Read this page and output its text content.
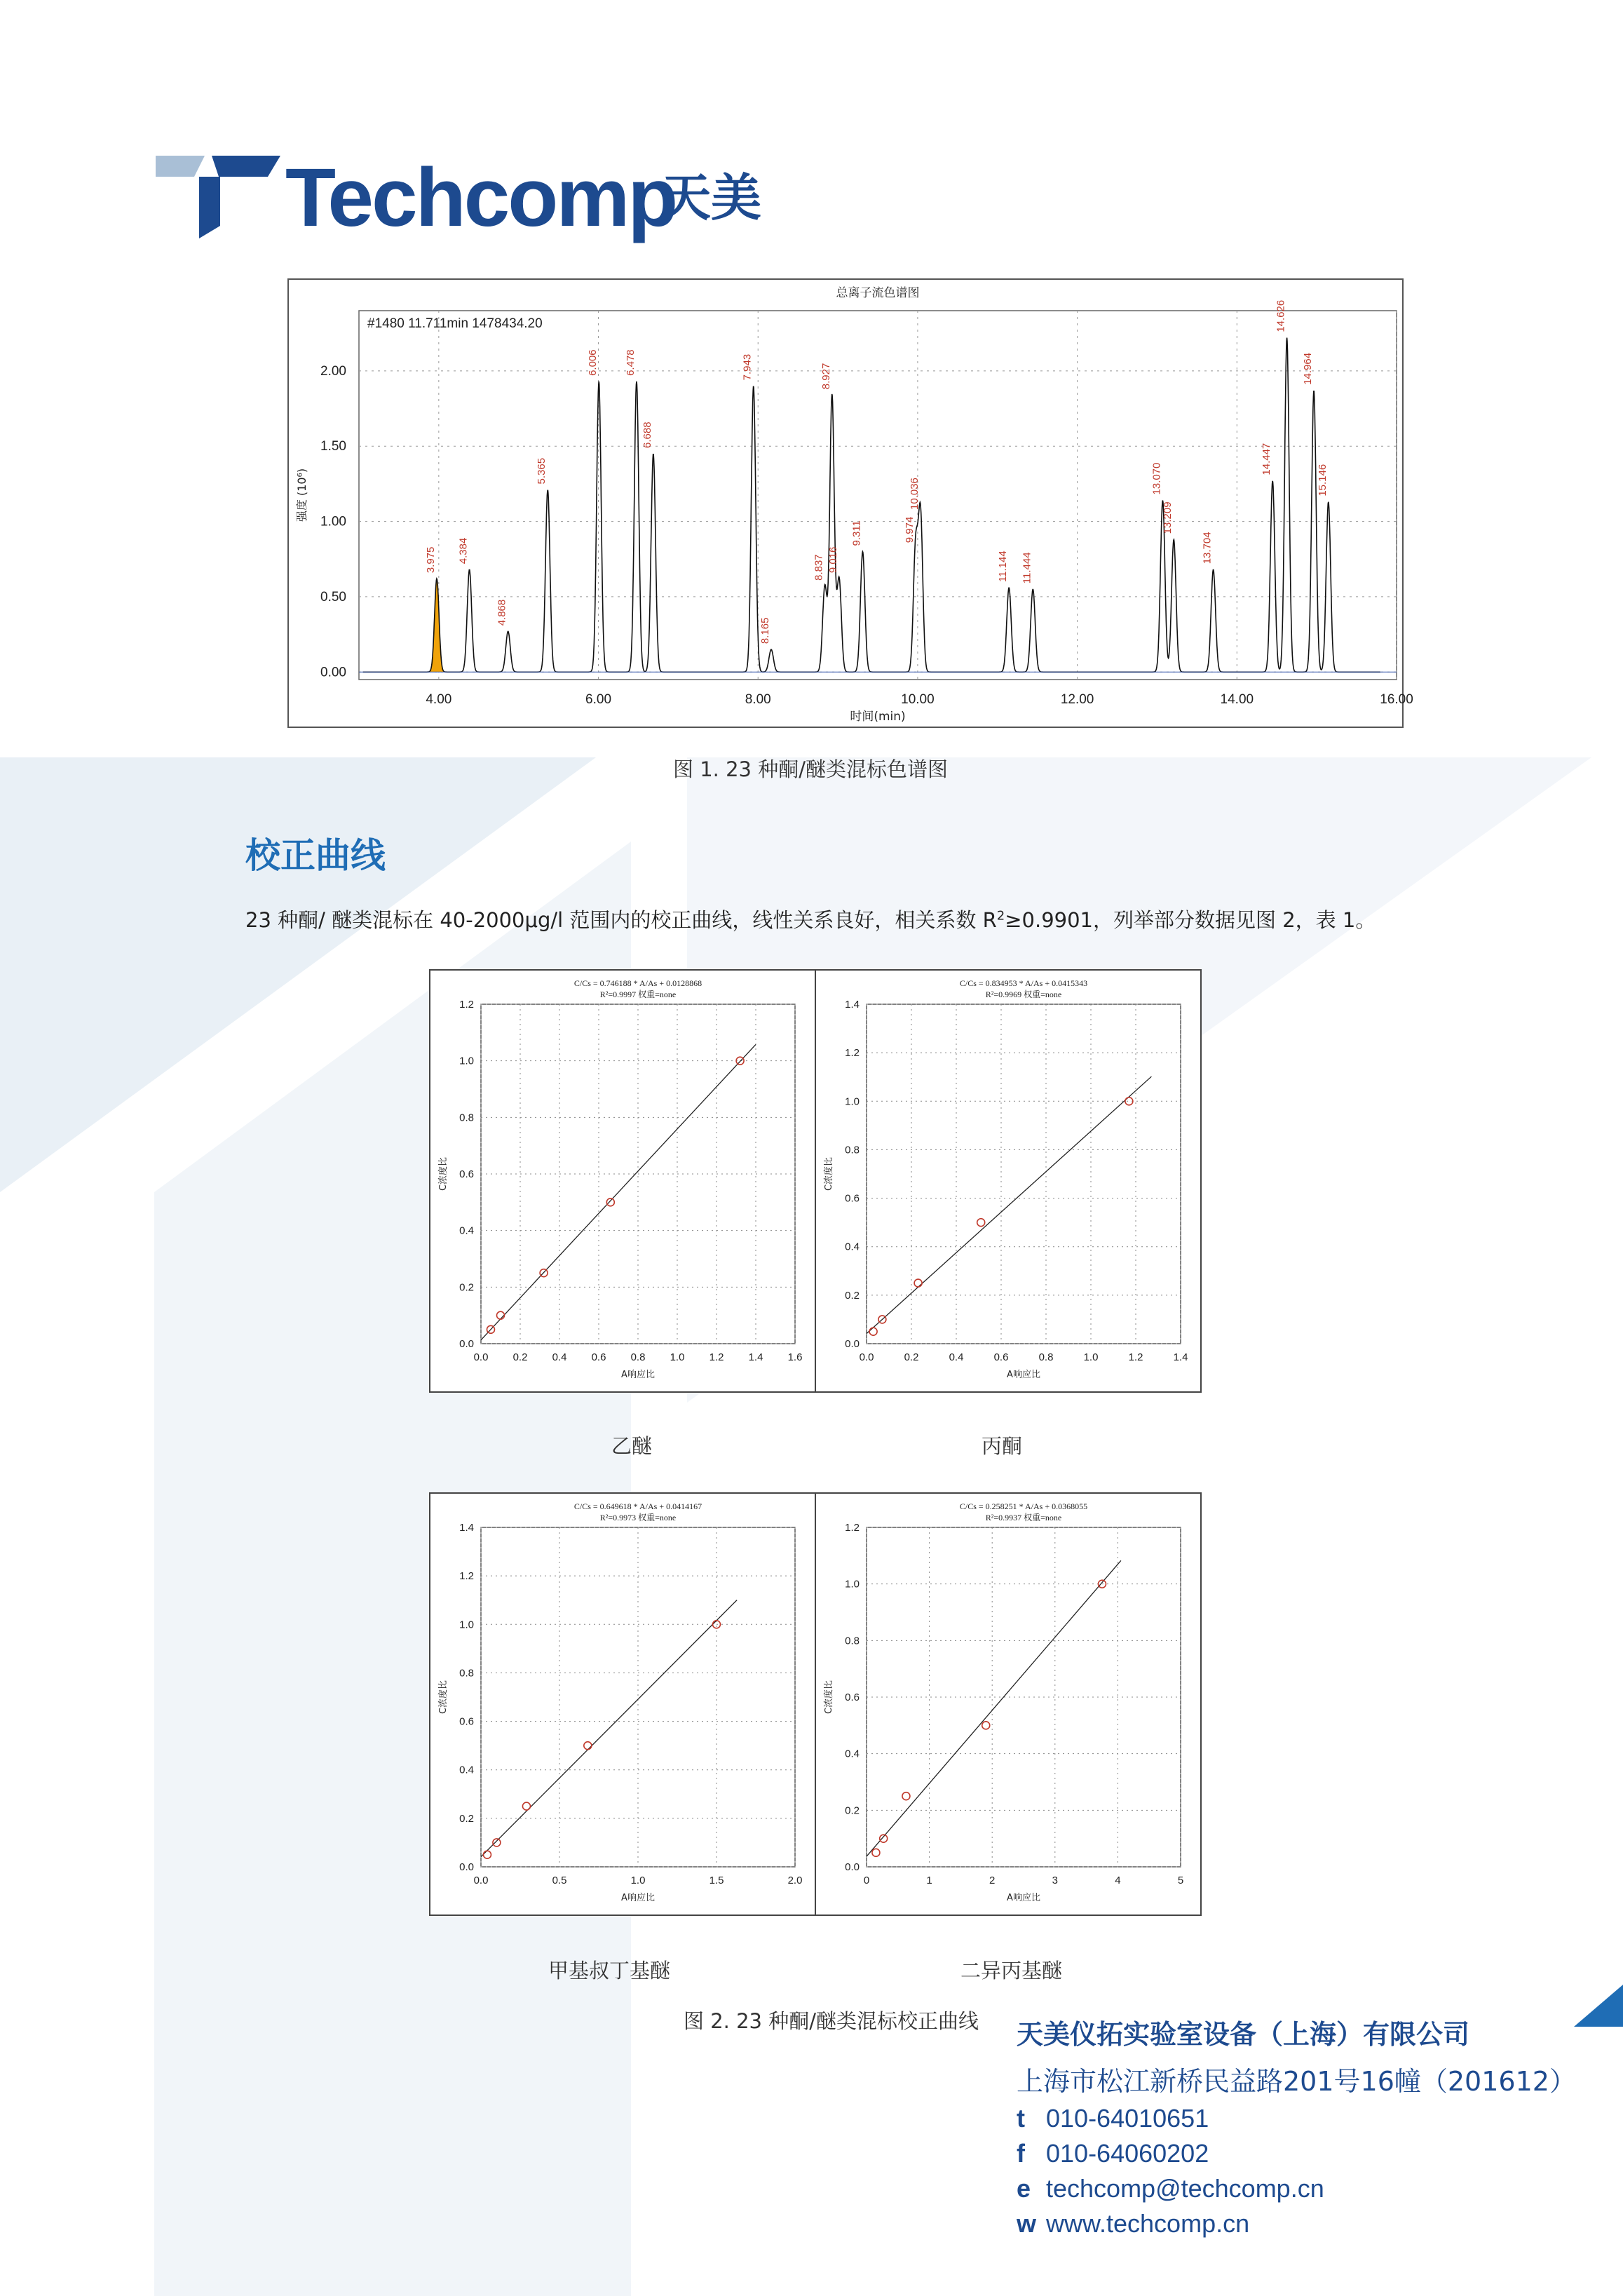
Techcomp
天美
4.00	6.00	8.00	10.00	12.00	14.00	16.00
0.00
0.50
1.00
1.50
2.00
总离子流色谱图
#1480 11.711min 1478434.20
时间(min)
强度 (10⁶)
3.975 4.384
4.868
5.365
6.006 6.478
6.688
7.943
8.165
8.837
8.927
9.016
9.311	9.974
10.036
11.144 11.444
13.070
13.209
13.704
14.447
14.626
14.964
15.146
图 1. 23 种酮/醚类混标色谱图
校正曲线
23 种酮/ 醚类混标在 40-2000μg/l 范围内的校正曲线，线性关系良好，相关系数 $R^2\ge 0.9901$，列举部分数据见图 2，表 1。
C/Cs = 0.746188 * A/As + 0.0128868
R²=0.9997 权重=none
0.0 0.2 0.4 0.6 0.8 1.0 1.2 1.4 1.6
0.0
0.2
0.4
0.6
0.8
1.0
1.2
A响应比
C浓度比
C/Cs = 0.834953 * A/As + 0.0415343
R²=0.9969 权重=none
0.0	0.2	0.4	0.6	0.8	1.0	1.2	1.4
0.0
0.2
0.4
0.6
0.8
1.0
1.2
1.4
A响应比
C浓度比
乙醚	丙酮
C/Cs = 0.649618 * A/As + 0.0414167
R²=0.9973 权重=none
0.0	0.5	1.0	1.5	2.0
0.0
0.2
0.4
0.6
0.8
1.0
1.2
1.4
A响应比
C浓度比
C/Cs = 0.258251 * A/As + 0.0368055
R²=0.9937 权重=none
0	1	2	3	4	5
0.0
0.2
0.4
0.6
0.8
1.0
1.2
A响应比
C浓度比
甲基叔丁基醚	二异丙基醚
图 2. 23 种酮/醚类混标校正曲线 天美仪拓实验室设备（上海）有限公司
上海市松江新桥民益路201号16幢（201612）
t 010-64010651
f 010-64060202
e techcomp@techcomp.cn
w www.techcomp.cn
